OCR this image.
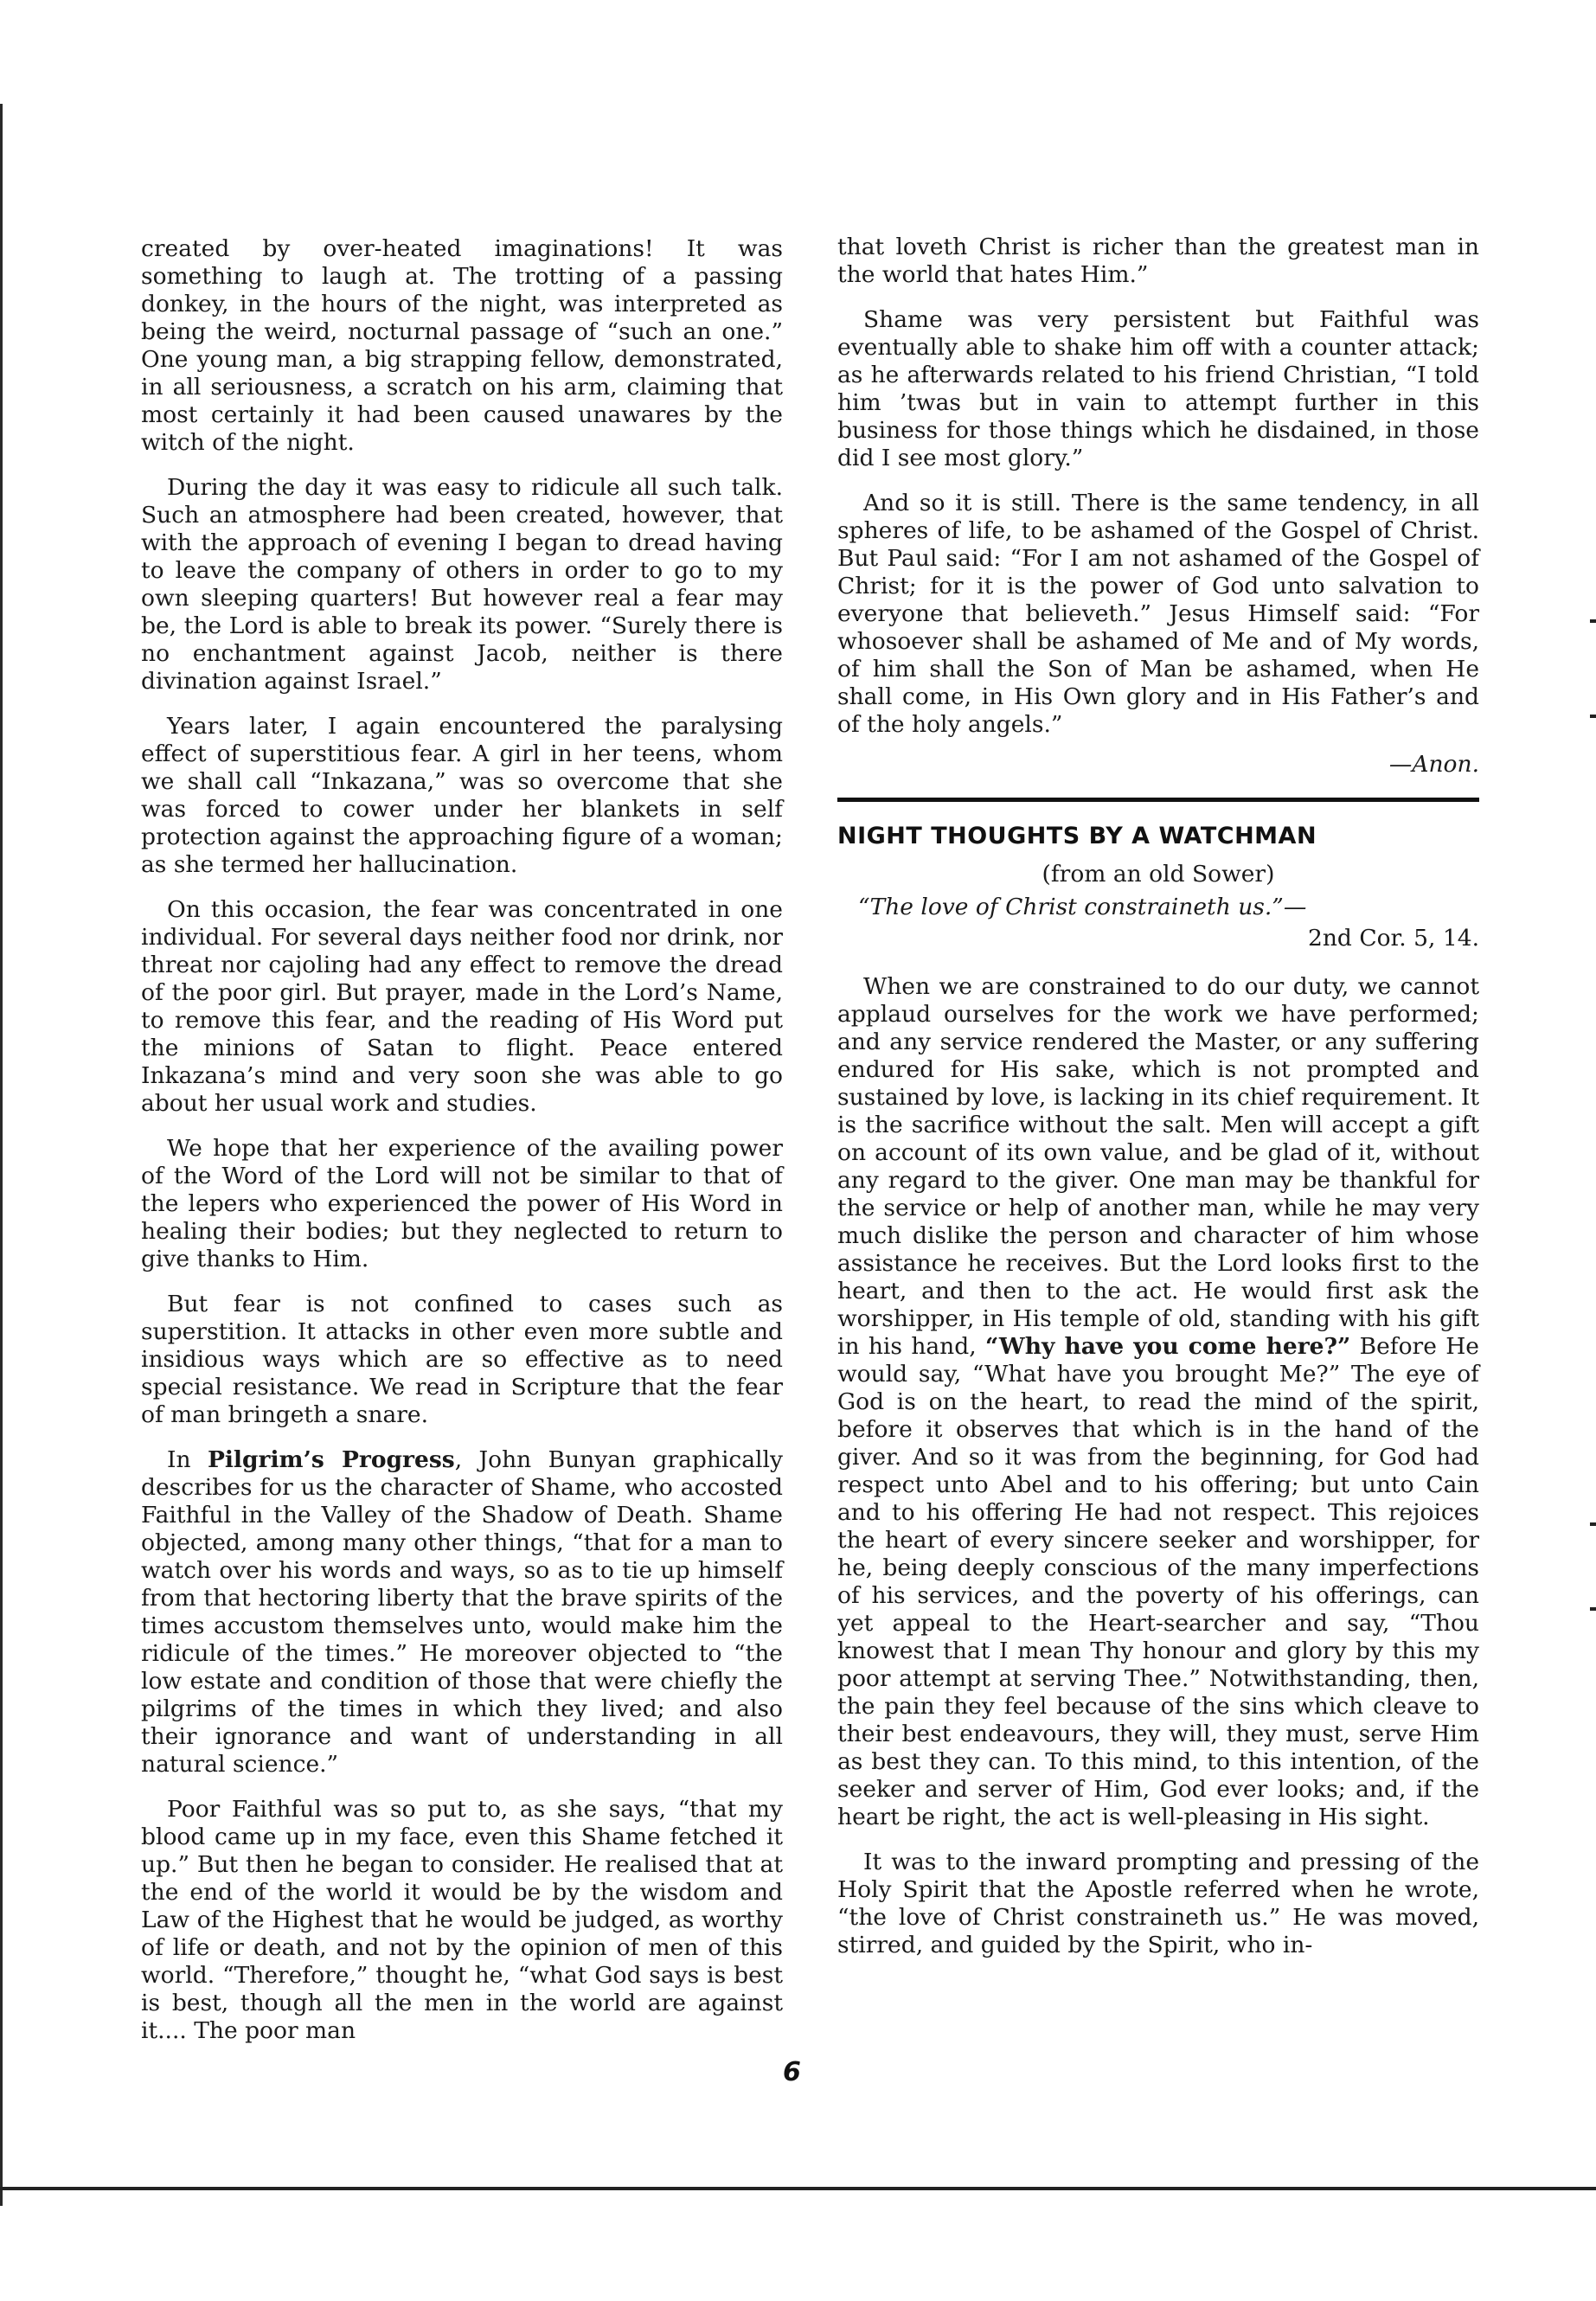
created by over-heated imaginations! It was something to laugh at. The trotting of a passing donkey, in the hours of the night, was interpreted as being the weird, nocturnal passage of “such an one.” One young man, a big strapping fellow, demonstrated, in all seriousness, a scratch on his arm, claiming that most certainly it had been caused unawares by the witch of the night.

During the day it was easy to ridicule all such talk. Such an atmosphere had been created, however, that with the approach of evening I began to dread having to leave the company of others in order to go to my own sleeping quarters! But however real a fear may be, the Lord is able to break its power. “Surely there is no enchantment against Jacob, neither is there divination against Israel.”

Years later, I again encountered the paralysing effect of superstitious fear. A girl in her teens, whom we shall call “Inkazana,” was so overcome that she was forced to cower under her blankets in self protection against the approaching figure of a woman; as she termed her hallucination.

On this occasion, the fear was concentrated in one individual. For several days neither food nor drink, nor threat nor cajoling had any effect to remove the dread of the poor girl. But prayer, made in the Lord’s Name, to remove this fear, and the reading of His Word put the minions of Satan to flight. Peace entered Inkazana’s mind and very soon she was able to go about her usual work and studies.

We hope that her experience of the availing power of the Word of the Lord will not be similar to that of the lepers who experienced the power of His Word in healing their bodies; but they neglected to return to give thanks to Him.

But fear is not confined to cases such as superstition. It attacks in other even more subtle and insidious ways which are so effective as to need special resistance. We read in Scripture that the fear of man bringeth a snare.

In Pilgrim’s Progress, John Bunyan graphically describes for us the character of Shame, who accosted Faithful in the Valley of the Shadow of Death. Shame objected, among many other things, “that for a man to watch over his words and ways, so as to tie up himself from that hectoring liberty that the brave spirits of the times accustom themselves unto, would make him the ridicule of the times.” He moreover objected to “the low estate and condition of those that were chiefly the pilgrims of the times in which they lived; and also their ignorance and want of understanding in all natural science.”

Poor Faithful was so put to, as she says, “that my blood came up in my face, even this Shame fetched it up.” But then he began to consider. He realised that at the end of the world it would be by the wisdom and Law of the Highest that he would be judged, as worthy of life or death, and not by the opinion of men of this world. “Therefore,” thought he, “what God says is best is best, though all the men in the world are against it.... The poor man

that loveth Christ is richer than the greatest man in the world that hates Him.”

Shame was very persistent but Faithful was eventually able to shake him off with a counter attack; as he afterwards related to his friend Christian, “I told him ’twas but in vain to attempt further in this business for those things which he disdained, in those did I see most glory.”

And so it is still. There is the same tendency, in all spheres of life, to be ashamed of the Gospel of Christ. But Paul said: “For I am not ashamed of the Gospel of Christ; for it is the power of God unto salvation to everyone that believeth.” Jesus Himself said: “For whosoever shall be ashamed of Me and of My words, of him shall the Son of Man be ashamed, when He shall come, in His Own glory and in His Father’s and of the holy angels.”

—Anon.
NIGHT THOUGHTS BY A WATCHMAN
(from an old Sower)
“The love of Christ constraineth us.”—
2nd Cor. 5, 14.

When we are constrained to do our duty, we cannot applaud ourselves for the work we have performed; and any service rendered the Master, or any suffering endured for His sake, which is not prompted and sustained by love, is lacking in its chief requirement. It is the sacrifice without the salt. Men will accept a gift on account of its own value, and be glad of it, without any regard to the giver. One man may be thankful for the service or help of another man, while he may very much dislike the person and character of him whose assistance he receives. But the Lord looks first to the heart, and then to the act. He would first ask the worshipper, in His temple of old, standing with his gift in his hand, “Why have you come here?” Before He would say, “What have you brought Me?” The eye of God is on the heart, to read the mind of the spirit, before it observes that which is in the hand of the giver. And so it was from the beginning, for God had respect unto Abel and to his offering; but unto Cain and to his offering He had not respect. This rejoices the heart of every sincere seeker and worshipper, for he, being deeply conscious of the many imperfections of his services, and the poverty of his offerings, can yet appeal to the Heart-searcher and say, “Thou knowest that I mean Thy honour and glory by this my poor attempt at serving Thee.” Notwithstanding, then, the pain they feel because of the sins which cleave to their best endeavours, they will, they must, serve Him as best they can. To this mind, to this intention, of the seeker and server of Him, God ever looks; and, if the heart be right, the act is well-pleasing in His sight.

It was to the inward prompting and pressing of the Holy Spirit that the Apostle referred when he wrote, “the love of Christ constraineth us.” He was moved, stirred, and guided by the Spirit, who in-

6
